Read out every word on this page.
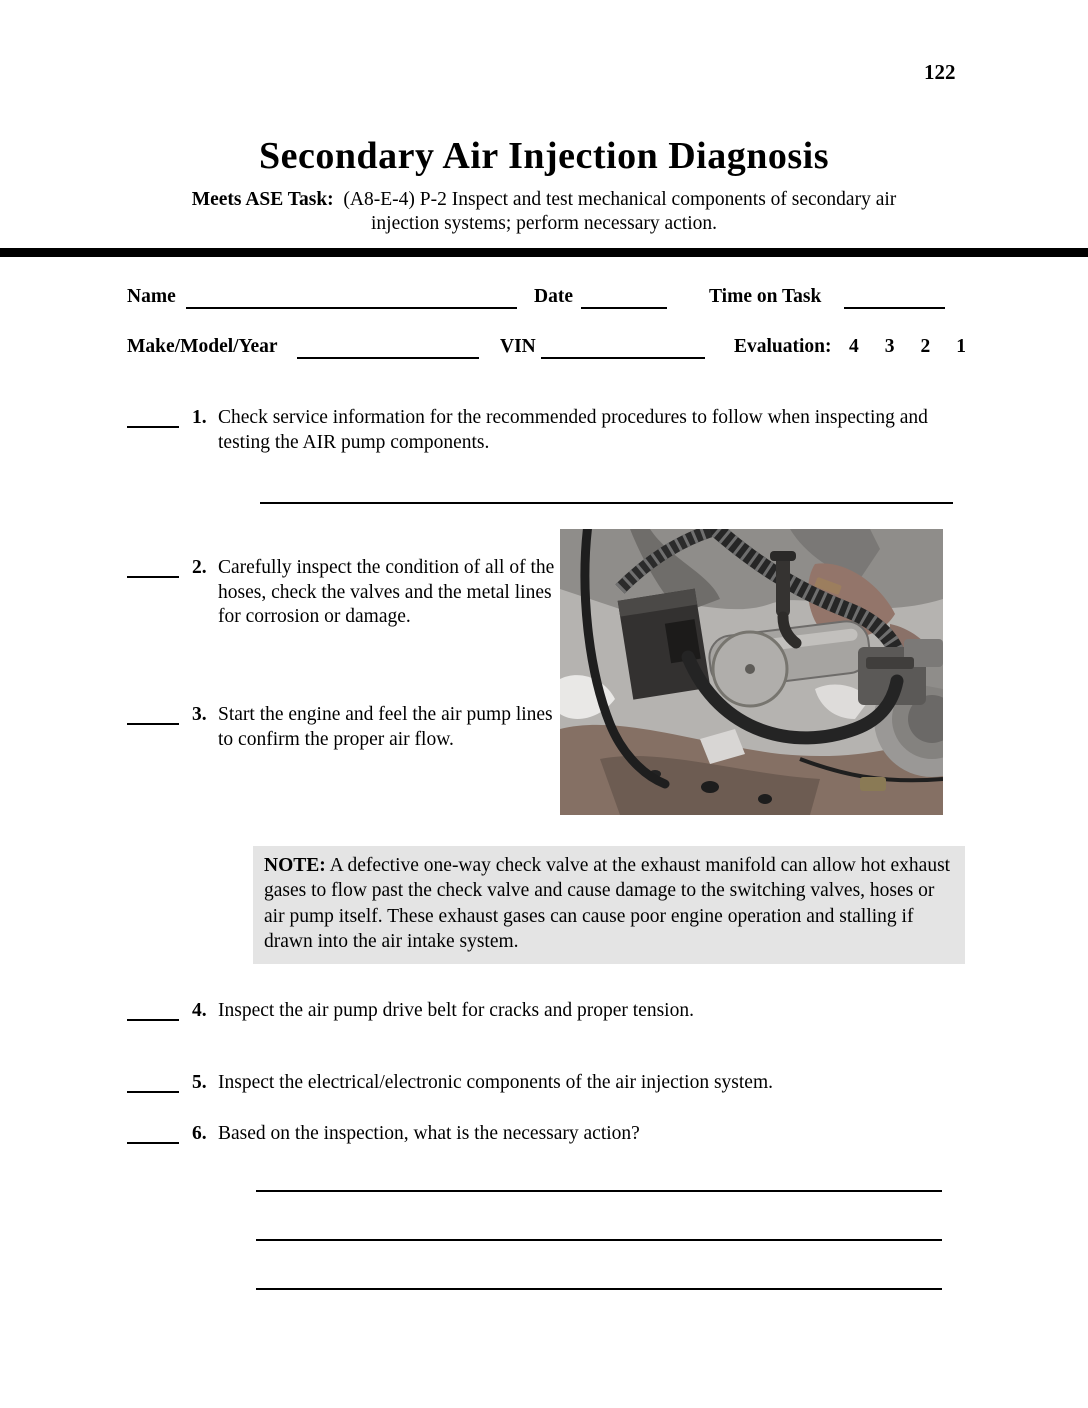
122
Secondary Air Injection Diagnosis
Meets ASE Task: (A8-E-4) P-2 Inspect and test mechanical components of secondary air
injection systems; perform necessary action.
Name	Date	Time on Task
Make/Model/Year	VIN	Evaluation: 4 3 2 1
1. Check service information for the recommended procedures to follow when inspecting and testing the AIR pump components.
2. Carefully inspect the condition of all of the hoses, check the valves and the metal lines for corrosion or damage.
3. Start the engine and feel the air pump lines to confirm the proper air flow.
NOTE: A defective one-way check valve at the exhaust manifold can allow hot exhaust gases to flow past the check valve and cause damage to the switching valves, hoses or air pump itself. These exhaust gases can cause poor engine operation and stalling if drawn into the air intake system.
4. Inspect the air pump drive belt for cracks and proper tension.
5. Inspect the electrical/electronic components of the air injection system.
6. Based on the inspection, what is the necessary action?
